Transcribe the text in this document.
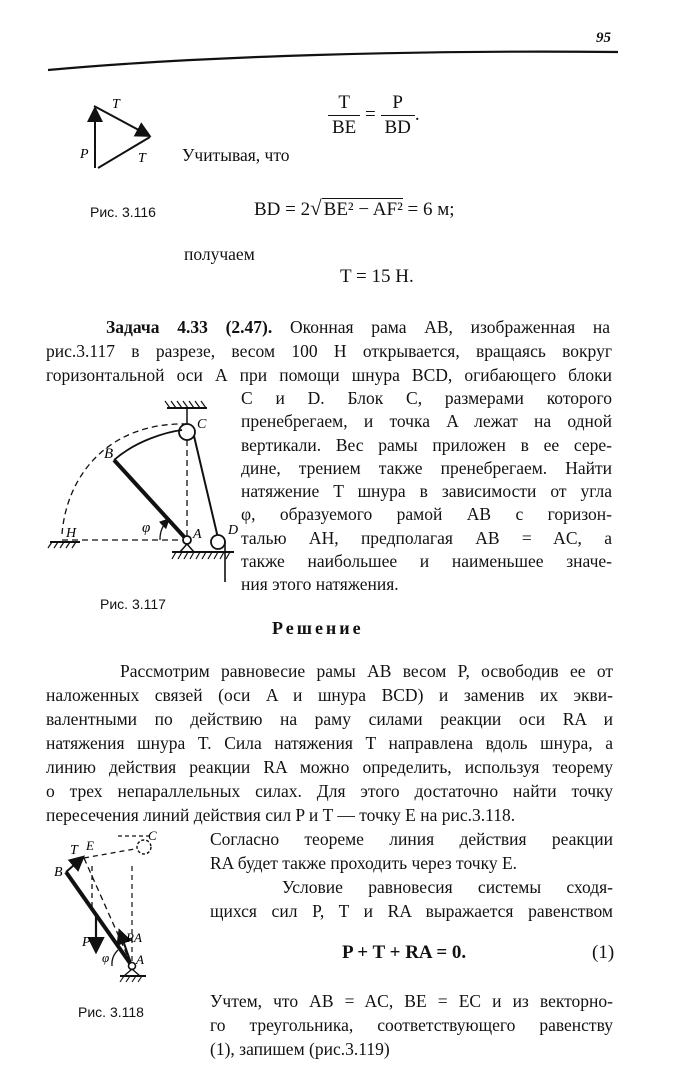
95
T
T
P
Рис. 3.116
$\frac{T}{BE} = \frac{P}{BD}$ .
Учитывая, что
BD = 2√ BE² − AF² = 6 м;
получаем
T = 15 H.
Задача 4.33 (2.47). Оконная рама AB, изображенная на
рис.3.117 в разрезе, весом 100 Н открывается, вращаясь вокруг
горизонтальной оси А при помощи шнура BCD, огибающего блоки
C и D. Блок C, размерами которого
пренебрегаем, и точка A лежат на одной
вертикали. Вес рамы приложен в ее сере-
дине, трением также пренебрегаем. Найти
натяжение T шнура в зависимости от угла
φ, образуемого рамой AB с горизон-
талью AH, предполагая AB = AC, а
также наибольшее и наименьшее значе-
ния этого натяжения.
B
C
H	A D
φ
Рис. 3.117
Решение
Рассмотрим равновесие рамы AB весом P, освободив ее от
наложенных связей (оси A и шнура BCD) и заменив их экви-
валентными по действию на раму силами реакции оси RA и
натяжения шнура T. Сила натяжения T направлена вдоль шнура, а
линию действия реакции RA можно определить, используя теорему
о трех непараллельных силах. Для этого достаточно найти точку
пересечения линий действия сил P и T — точку E на рис.3.118.
Согласно теореме линия действия реакции
RA будет также проходить через точку E.
Условие равновесия системы сходя-
щихся сил P, T и RA выражается равенством
P + T + RA = 0.	(1)
Учтем, что AB = AC, BE = EC и из векторно-
го треугольника, соответствующего равенству
(1), запишем (рис.3.119)
B
T E
C
P	RA
φ A
Рис. 3.118
